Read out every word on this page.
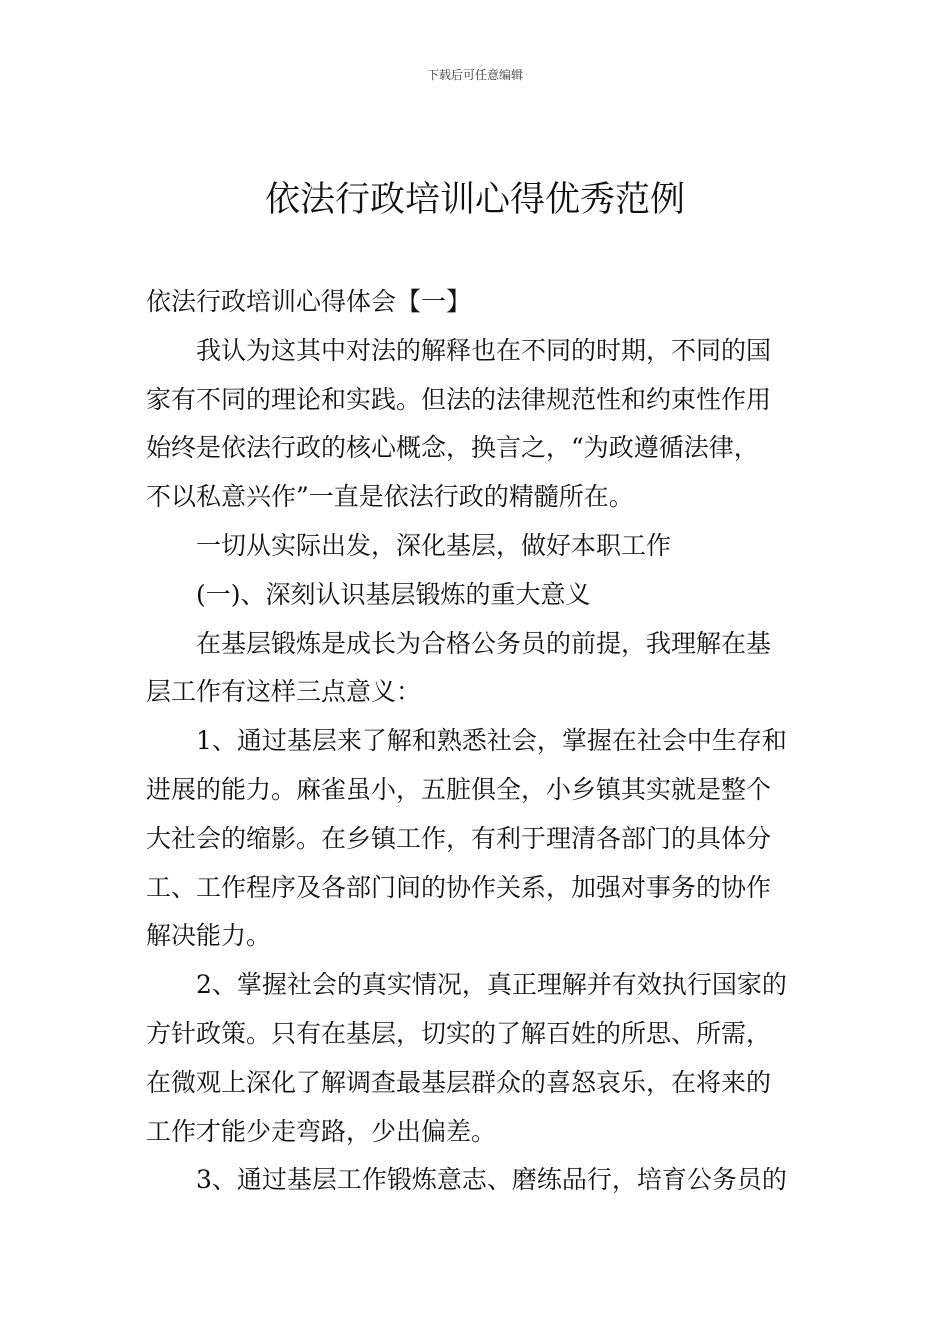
下载后可任意编辑
依法行政培训心得优秀范例
依法行政培训心得体会【一】
我认为这其中对法的解释也在不同的时期，不同的国
家有不同的理论和实践。但法的法律规范性和约束性作用
始终是依法行政的核心概念，换言之，“为政遵循法律，
不以私意兴作”一直是依法行政的精髓所在。
一切从实际出发，深化基层，做好本职工作
(一)、深刻认识基层锻炼的重大意义
在基层锻炼是成长为合格公务员的前提，我理解在基
层工作有这样三点意义：
1、通过基层来了解和熟悉社会，掌握在社会中生存和
进展的能力。麻雀虽小，五脏俱全，小乡镇其实就是整个
大社会的缩影。在乡镇工作，有利于理清各部门的具体分
工、工作程序及各部门间的协作关系，加强对事务的协作
解决能力。
2、掌握社会的真实情况，真正理解并有效执行国家的
方针政策。只有在基层，切实的了解百姓的所思、所需，
在微观上深化了解调查最基层群众的喜怒哀乐，在将来的
工作才能少走弯路，少出偏差。
3、通过基层工作锻炼意志、磨练品行，培育公务员的
